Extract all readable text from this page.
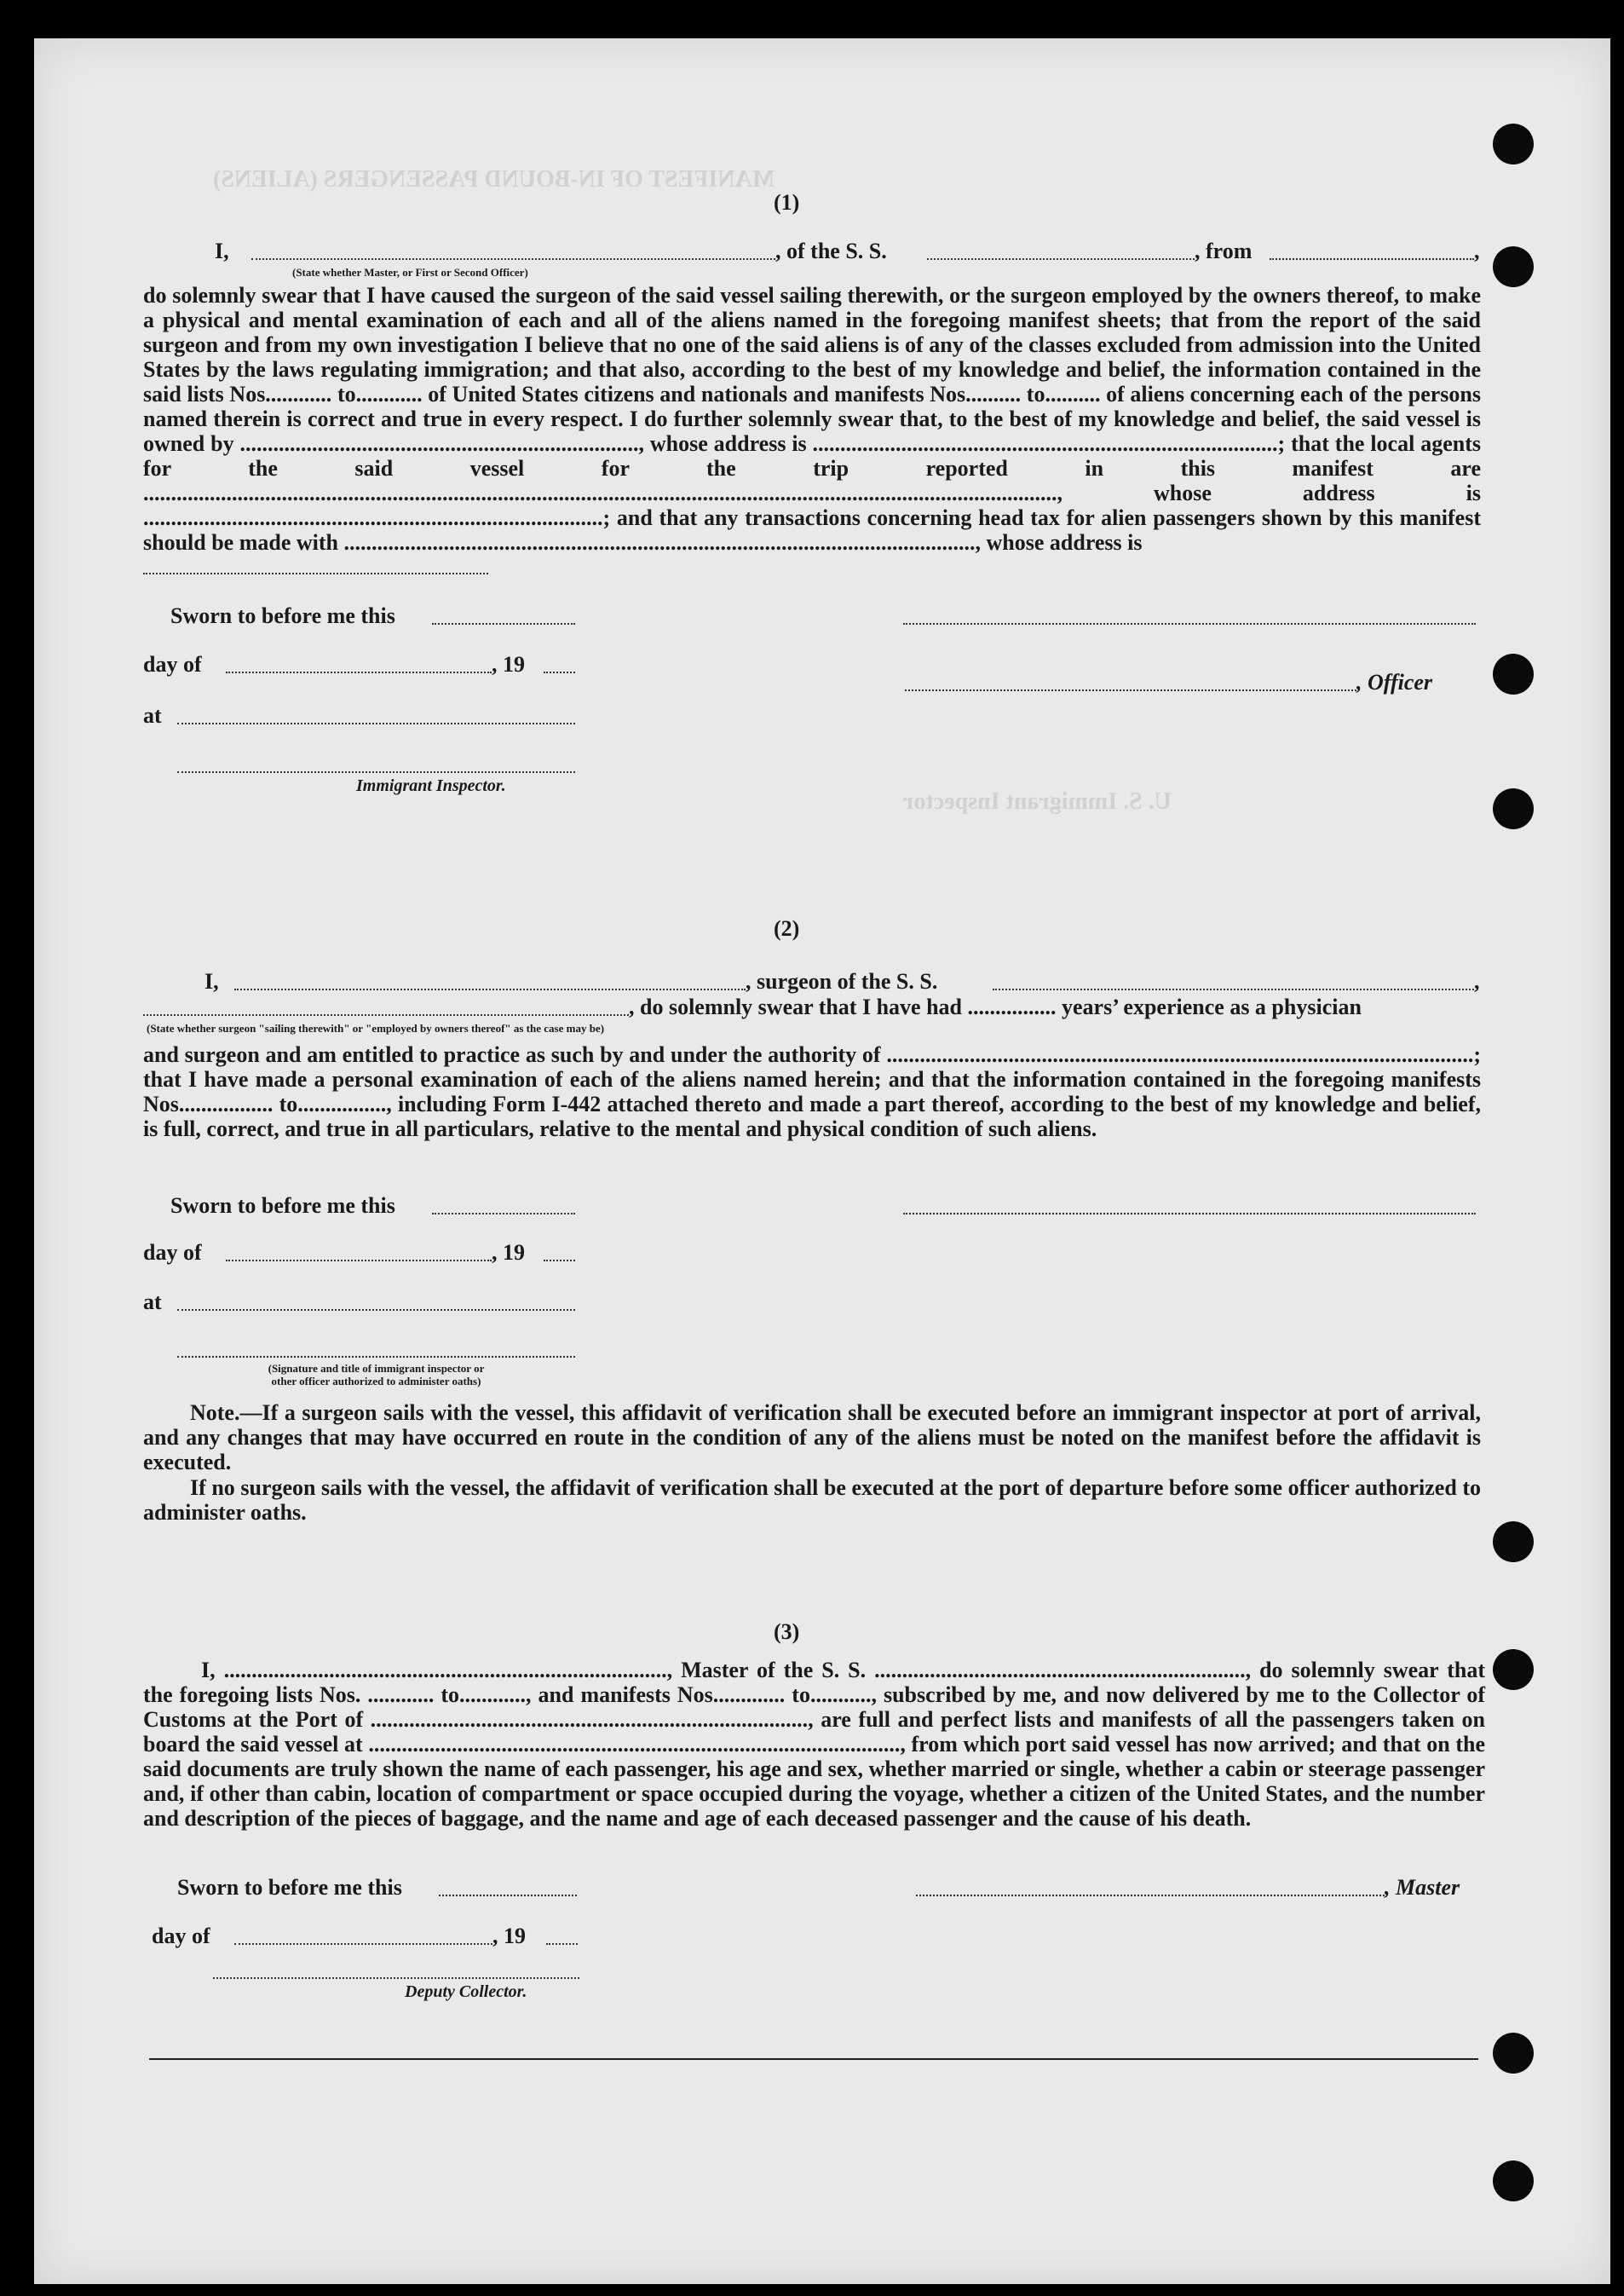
MANIFEST OF IN-BOUND PASSENGERS (ALIENS)
U. S. Immigrant Inspector
(1)
I,	, of the S. S.	, from	,
(State whether Master, or First or Second Officer)
do solemnly swear that I have caused the surgeon of the said vessel sailing therewith, or the surgeon employed by the owners thereof, to make a physical and mental examination of each and all of the aliens named in the foregoing manifest sheets; that from the report of the said surgeon and from my own investigation I believe that no one of the said aliens is of any of the classes excluded from admission into the United States by the laws regulating immigration; and that also, according to the best of my knowledge and belief, the information contained in the said lists Nos............ to............ of United States citizens and nationals and manifests Nos.......... to.......... of aliens concerning each of the persons named therein is correct and true in every respect. I do further solemnly swear that, to the best of my knowledge and belief, the said vessel is owned by ........................................................................, whose address is ....................................................................................; that the local agents for the said vessel for the trip reported in this manifest are ....................................................................................................................................................................., whose address is ...................................................................................; and that any transactions concerning head tax for alien passengers shown by this manifest should be made with .................................................................................................................., whose address is
Sworn to before me this
day of	, 19
, Officer
at
Immigrant Inspector.
(2)
I,	, surgeon of the S. S.	,
, do solemnly swear that I have had ................ years’ experience as a physician
(State whether surgeon "sailing therewith" or "employed by owners thereof" as the case may be)
and surgeon and am entitled to practice as such by and under the authority of ..........................................................................................................; that I have made a personal examination of each of the aliens named herein; and that the information contained in the foregoing manifests Nos................. to................, including Form I-442 attached thereto and made a part thereof, according to the best of my knowledge and belief, is full, correct, and true in all particulars, relative to the mental and physical condition of such aliens.
Sworn to before me this
day of	, 19
at
(Signature and title of immigrant inspector or
other officer authorized to administer oaths)
Note.—If a surgeon sails with the vessel, this affidavit of verification shall be executed before an immigrant inspector at port of arrival, and any changes that may have occurred en route in the condition of any of the aliens must be noted on the manifest before the affidavit is executed.
If no surgeon sails with the vessel, the affidavit of verification shall be executed at the port of departure before some officer authorized to administer oaths.
(3)
I, ................................................................................, Master of the S. S. ..................................................................., do solemnly swear that the foregoing lists Nos. ............ to............, and manifests Nos............. to..........., subscribed by me, and now delivered by me to the Collector of Customs at the Port of ..............................................................................., are full and perfect lists and manifests of all the passengers taken on board the said vessel at ................................................................................................, from which port said vessel has now arrived; and that on the said documents are truly shown the name of each passenger, his age and sex, whether married or single, whether a cabin or steerage passenger and, if other than cabin, location of compartment or space occupied during the voyage, whether a citizen of the United States, and the number and description of the pieces of baggage, and the name and age of each deceased passenger and the cause of his death.
Sworn to before me this	, Master
day of	, 19
Deputy Collector.
